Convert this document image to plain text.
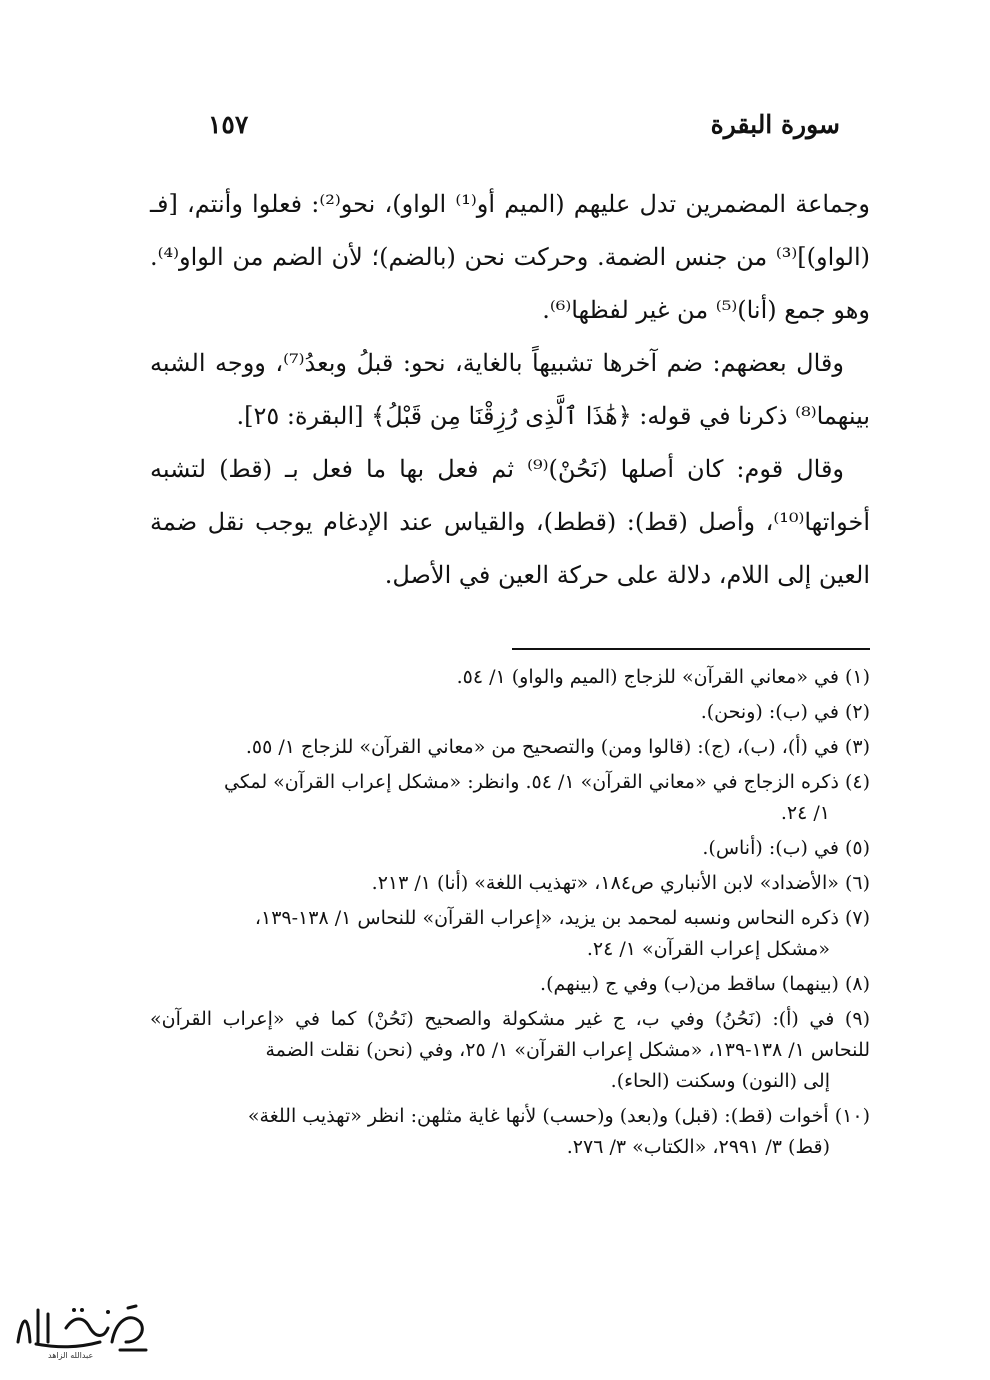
سورة البقرة
١٥٧

وجماعة المضمرين تدل عليهم (الميم أو⁽¹⁾ الواو)، نحو⁽²⁾: فعلوا وأنتم، [فـ (الواو)]⁽³⁾ من جنس الضمة. وحركت نحن (بالضم)؛ لأن الضم من الواو⁽⁴⁾. وهو جمع (أنا)⁽⁵⁾ من غير لفظها⁽⁶⁾.

وقال بعضهم: ضم آخرها تشبيهاً بالغاية، نحو: قبلُ وبعدُ⁽⁷⁾، ووجه الشبه بينهما⁽⁸⁾ ذكرنا في قوله: ﴿هَٰذَا ٱلَّذِى رُزِقْنَا مِن قَبْلُ﴾ [البقرة: ٢٥].

وقال قوم: كان أصلها (نَحُنْ)⁽⁹⁾ ثم فعل بها ما فعل بـ (قط) لتشبه أخواتها⁽¹⁰⁾، وأصل (قط): (قطط)، والقياس عند الإدغام يوجب نقل ضمة العين إلى اللام، دلالة على حركة العين في الأصل.

(١) في «معاني القرآن» للزجاج (الميم والواو) ١/ ٥٤.

(٢) في (ب): (ونحن).

(٣) في (أ)، (ب)، (ج): (قالوا ومن) والتصحيح من «معاني القرآن» للزجاج ١/ ٥٥.

(٤) ذكره الزجاج في «معاني القرآن» ١/ ٥٤. وانظر: «مشكل إعراب القرآن» لمكي
١/ ٢٤.

(٥) في (ب): (أناس).

(٦) «الأضداد» لابن الأنباري ص١٨٤، «تهذيب اللغة» (أنا) ١/ ٢١٣.

(٧) ذكره النحاس ونسبه لمحمد بن يزيد، «إعراب القرآن» للنحاس ١/ ١٣٨-١٣٩،
«مشكل إعراب القرآن» ١/ ٢٤.

(٨) (بينهما) ساقط من(ب) وفي ج (بينهم).

(٩) في (أ): (نَحُنُ) وفي ب، ج غير مشكولة والصحيح (نَحُنْ) كما في «إعراب القرآن» للنحاس ١/ ١٣٨-١٣٩، «مشكل إعراب القرآن» ١/ ٢٥، وفي (نحن) نقلت الضمة
إلى (النون) وسكنت (الحاء).

(١٠) أخوات (قط): (قبل) و(بعد) و(حسب) لأنها غاية مثلهن: انظر «تهذيب اللغة»
(قط) ٣/ ٢٩٩١، «الكتاب» ٣/ ٢٧٦.

عبدالله الزاهد
